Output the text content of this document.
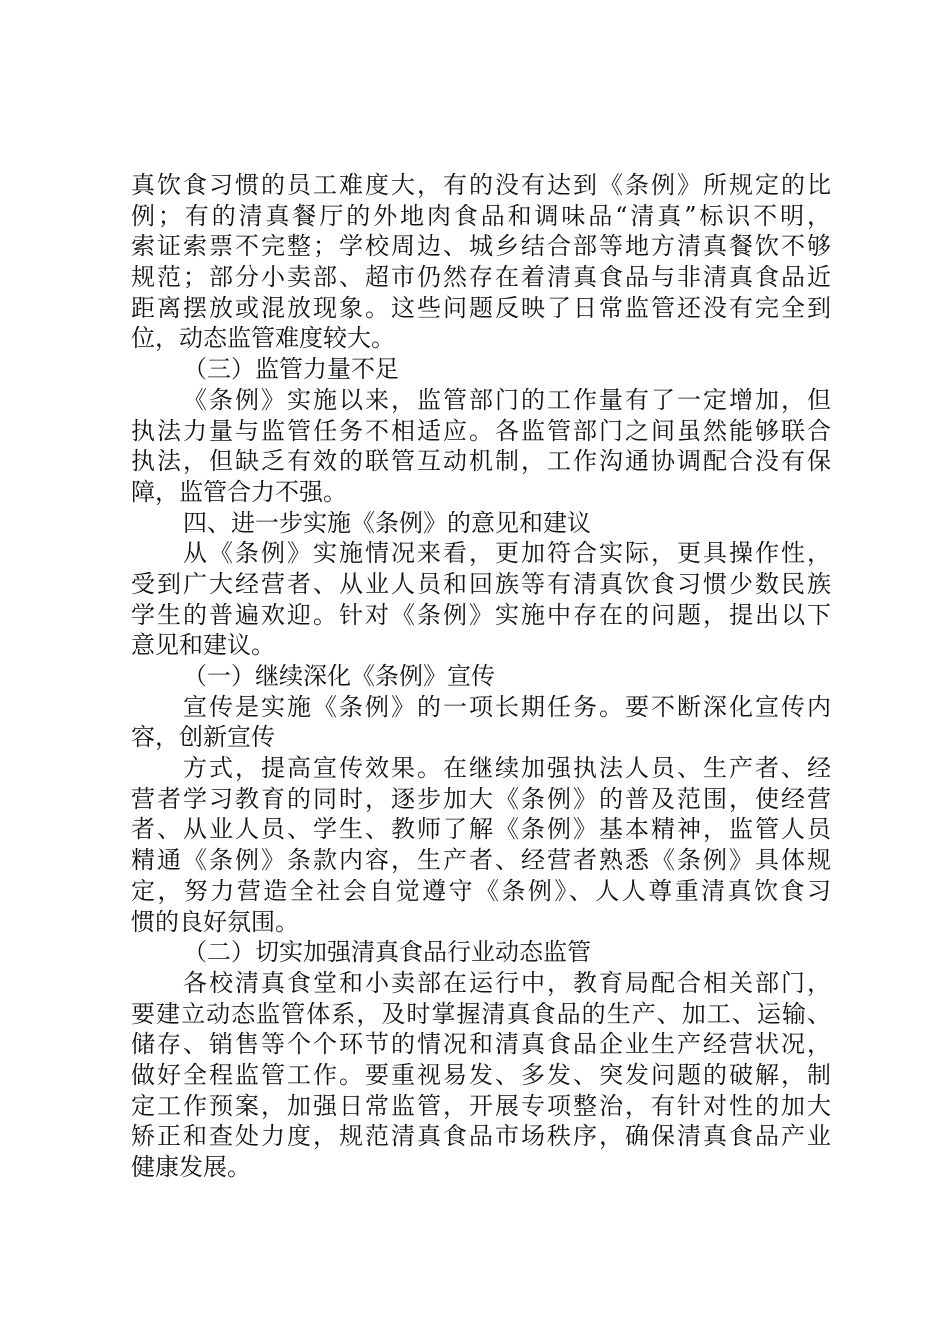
真饮食习惯的员工难度大，有的没有达到《条例》所规定的比
例；有的清真餐厅的外地肉食品和调味品“清真”标识不明，
索证索票不完整；学校周边、城乡结合部等地方清真餐饮不够
规范；部分小卖部、超市仍然存在着清真食品与非清真食品近
距离摆放或混放现象。这些问题反映了日常监管还没有完全到
位，动态监管难度较大。
（三）监管力量不足
《条例》实施以来，监管部门的工作量有了一定增加，但
执法力量与监管任务不相适应。各监管部门之间虽然能够联合
执法，但缺乏有效的联管互动机制，工作沟通协调配合没有保
障，监管合力不强。
四、进一步实施《条例》的意见和建议
从《条例》实施情况来看，更加符合实际，更具操作性，
受到广大经营者、从业人员和回族等有清真饮食习惯少数民族
学生的普遍欢迎。针对《条例》实施中存在的问题，提出以下
意见和建议。
（一）继续深化《条例》宣传
宣传是实施《条例》的一项长期任务。要不断深化宣传内
容，创新宣传
方式，提高宣传效果。在继续加强执法人员、生产者、经
营者学习教育的同时，逐步加大《条例》的普及范围，使经营
者、从业人员、学生、教师了解《条例》基本精神，监管人员
精通《条例》条款内容，生产者、经营者熟悉《条例》具体规
定，努力营造全社会自觉遵守《条例》、人人尊重清真饮食习
惯的良好氛围。
（二）切实加强清真食品行业动态监管
各校清真食堂和小卖部在运行中，教育局配合相关部门，
要建立动态监管体系，及时掌握清真食品的生产、加工、运输、
储存、销售等个个环节的情况和清真食品企业生产经营状况，
做好全程监管工作。要重视易发、多发、突发问题的破解，制
定工作预案，加强日常监管，开展专项整治，有针对性的加大
矫正和查处力度，规范清真食品市场秩序，确保清真食品产业
健康发展。
